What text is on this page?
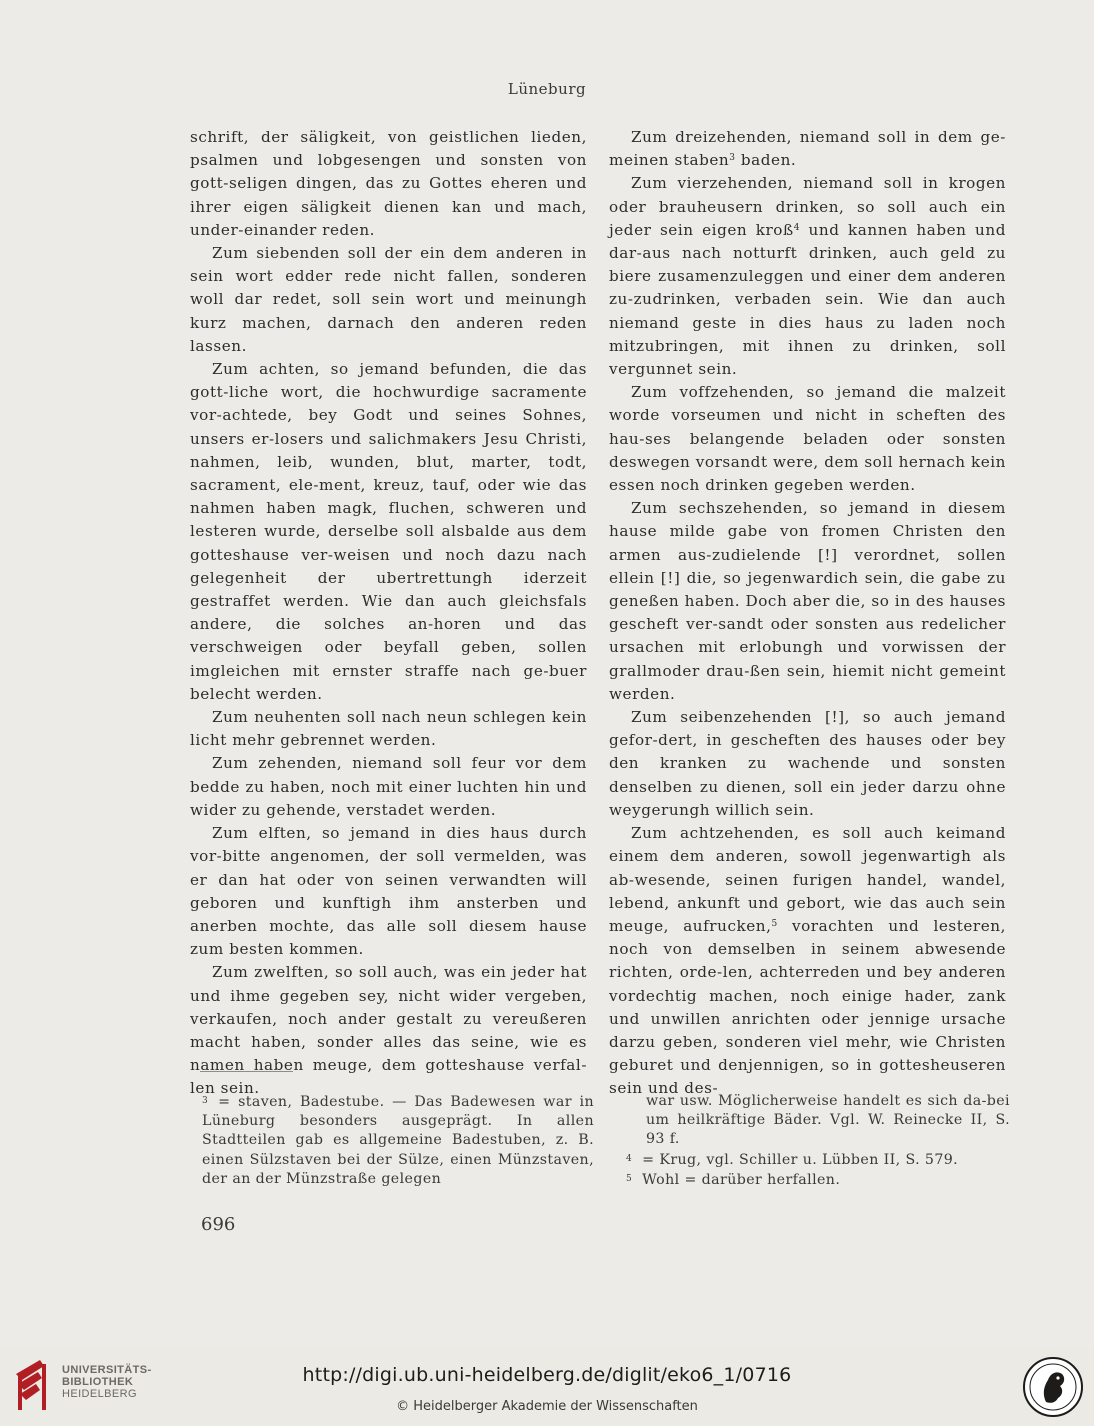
Lüneburg

schrift, der säligkeit, von geistlichen lieden, psalmen und lobgesengen und sonsten von gott-seligen dingen, das zu Gottes eheren und ihrer eigen säligkeit dienen kan und mach, under-einander reden.

Zum siebenden soll der ein dem anderen in sein wort edder rede nicht fallen, sonderen woll dar redet, soll sein wort und meinungh kurz machen, darnach den anderen reden lassen.

Zum achten, so jemand befunden, die das gott-liche wort, die hochwurdige sacramente vor-achtede, bey Godt und seines Sohnes, unsers er-losers und salichmakers Jesu Christi, nahmen, leib, wunden, blut, marter, todt, sacrament, ele-ment, kreuz, tauf, oder wie das nahmen haben magk, fluchen, schweren und lesteren wurde, derselbe soll alsbalde aus dem gotteshause ver-weisen und noch dazu nach gelegenheit der ubertrettungh iderzeit gestraffet werden. Wie dan auch gleichsfals andere, die solches an-horen und das verschweigen oder beyfall geben, sollen imgleichen mit ernster straffe nach ge-buer belecht werden.

Zum neuhenten soll nach neun schlegen kein licht mehr gebrennet werden.

Zum zehenden, niemand soll feur vor dem bedde zu haben, noch mit einer luchten hin und wider zu gehende, verstadet werden.

Zum elften, so jemand in dies haus durch vor-bitte angenomen, der soll vermelden, was er dan hat oder von seinen verwandten will geboren und kunftigh ihm ansterben und anerben mochte, das alle soll diesem hause zum besten kommen.

Zum zwelften, so soll auch, was ein jeder hat und ihme gegeben sey, nicht wider vergeben, verkaufen, noch ander gestalt zu vereußeren macht haben, sonder alles das seine, wie es namen haben meuge, dem gotteshause verfal-len sein.

Zum dreizehenden, niemand soll in dem ge-meinen staben$^3$ baden.

Zum vierzehenden, niemand soll in krogen oder brauheusern drinken, so soll auch ein jeder sein eigen kroß$^4$ und kannen haben und dar-aus nach notturft drinken, auch geld zu biere zusamenzuleggen und einer dem anderen zu-zudrinken, verbaden sein. Wie dan auch niemand geste in dies haus zu laden noch mitzubringen, mit ihnen zu drinken, soll vergunnet sein.

Zum voffzehenden, so jemand die malzeit worde vorseumen und nicht in scheften des hau-ses belangende beladen oder sonsten deswegen vorsandt were, dem soll hernach kein essen noch drinken gegeben werden.

Zum sechszehenden, so jemand in diesem hause milde gabe von fromen Christen den armen aus-zudielende [!] verordnet, sollen ellein [!] die, so jegenwardich sein, die gabe zu geneßen haben. Doch aber die, so in des hauses gescheft ver-sandt oder sonsten aus redelicher ursachen mit erlobungh und vorwissen der grallmoder drau-ßen sein, hiemit nicht gemeint werden.

Zum seibenzehenden [!], so auch jemand gefor-dert, in gescheften des hauses oder bey den kranken zu wachende und sonsten denselben zu dienen, soll ein jeder darzu ohne weygerungh willich sein.

Zum achtzehenden, es soll auch keimand einem dem anderen, sowoll jegenwartigh als ab-wesende, seinen furigen handel, wandel, lebend, ankunft und gebort, wie das auch sein meuge, aufrucken,$^5$ vorachten und lesteren, noch von demselben in seinem abwesende richten, orde-len, achterreden und bey anderen vordechtig machen, noch einige hader, zank und unwillen anrichten oder jennige ursache darzu geben, sonderen viel mehr, wie Christen geburet und denjennigen, so in gottesheuseren sein und des-

$^3$ = staven, Badestube. — Das Badewesen war in Lüneburg besonders ausgeprägt. In allen Stadtteilen gab es allgemeine Badestuben, z. B. einen Sülzstaven bei der Sülze, einen Münzstaven, der an der Münzstraße gelegen

war usw. Möglicherweise handelt es sich da-bei um heilkräftige Bäder. Vgl. W. Reinecke II, S. 93 f.

$^4$ = Krug, vgl. Schiller u. Lübben II, S. 579.

$^5$ Wohl = darüber herfallen.

696
UNIVERSITÄTS-
BIBLIOTHEK
HEIDELBERG
http://digi.ub.uni-heidelberg.de/diglit/eko6_1/0716
© Heidelberger Akademie der Wissenschaften
